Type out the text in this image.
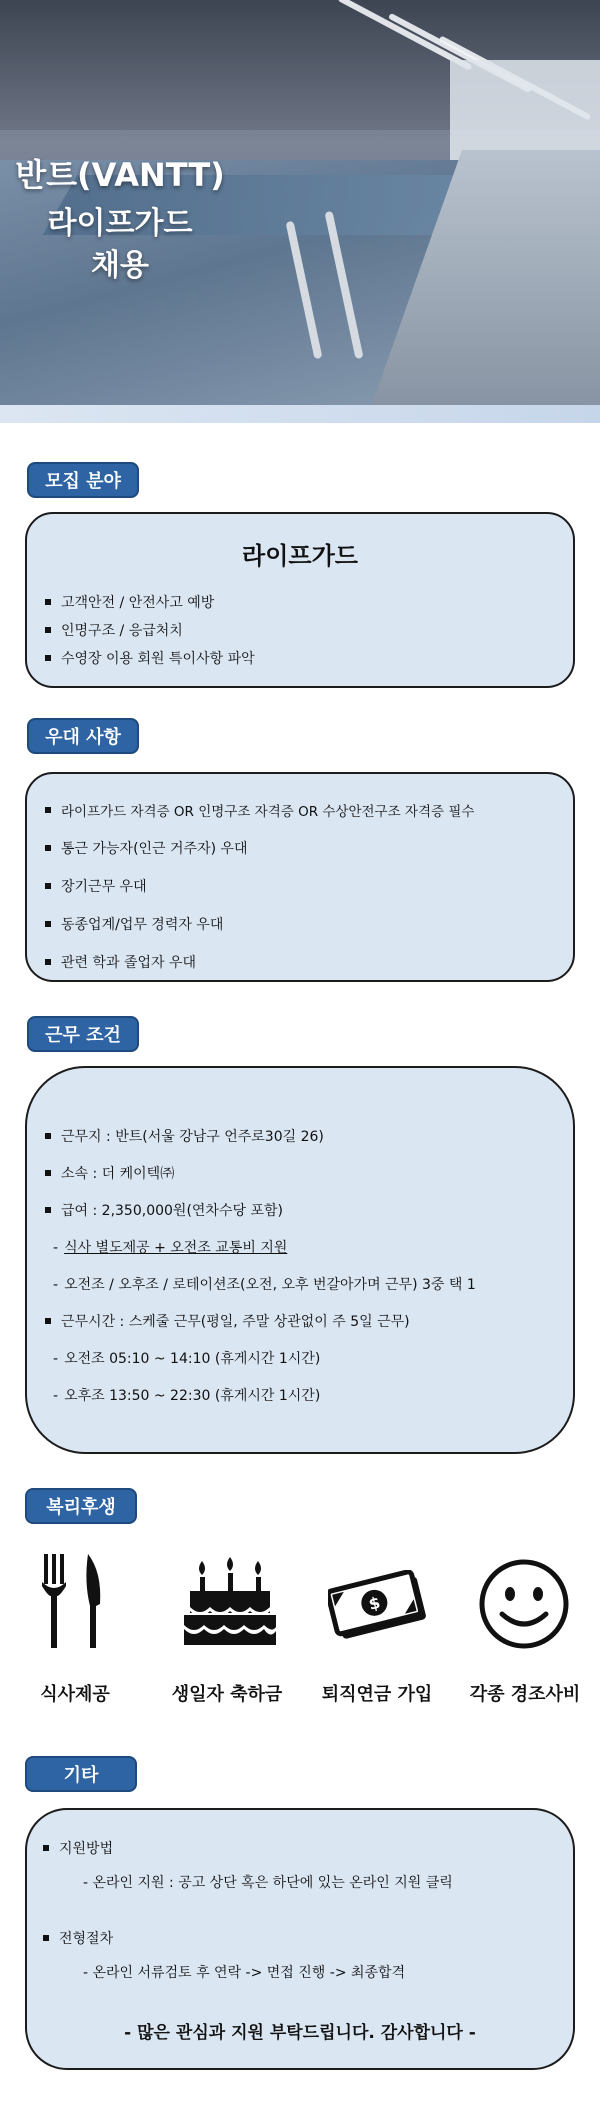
반트(VANTT)
라이프가드
채용
모집 분야
라이프가드
고객안전 / 안전사고 예방
인명구조 / 응급처치
수영장 이용 회원 특이사항 파악
우대 사항
라이프가드 자격증 OR 인명구조 자격증 OR 수상안전구조 자격증 필수
통근 가능자(인근 거주자) 우대
장기근무 우대
동종업계/업무 경력자 우대
관련 학과 졸업자 우대
근무 조건
근무지 : 반트(서울 강남구 언주로30길 26)
소속 : 더 케이텍㈜
급여 : 2,350,000원(연차수당 포함)
- 식사 별도제공 + 오전조 교통비 지원
- 오전조 / 오후조 / 로테이션조(오전, 오후 번갈아가며 근무) 3중 택 1
근무시간 : 스케줄 근무(평일, 주말 상관없이 주 5일 근무)
- 오전조 05:10 ~ 14:10 (휴게시간 1시간)
- 오후조 13:50 ~ 22:30 (휴게시간 1시간)
복리후생
$
식사제공	생일자 축하금	퇴직연금 가입	각종 경조사비
기타
지원방법
- 온라인 지원 : 공고 상단 혹은 하단에 있는 온라인 지원 클릭
전형절차
- 온라인 서류검토 후 연락 -> 면접 진행 -> 최종합격
- 많은 관심과 지원 부탁드립니다. 감사합니다 -
